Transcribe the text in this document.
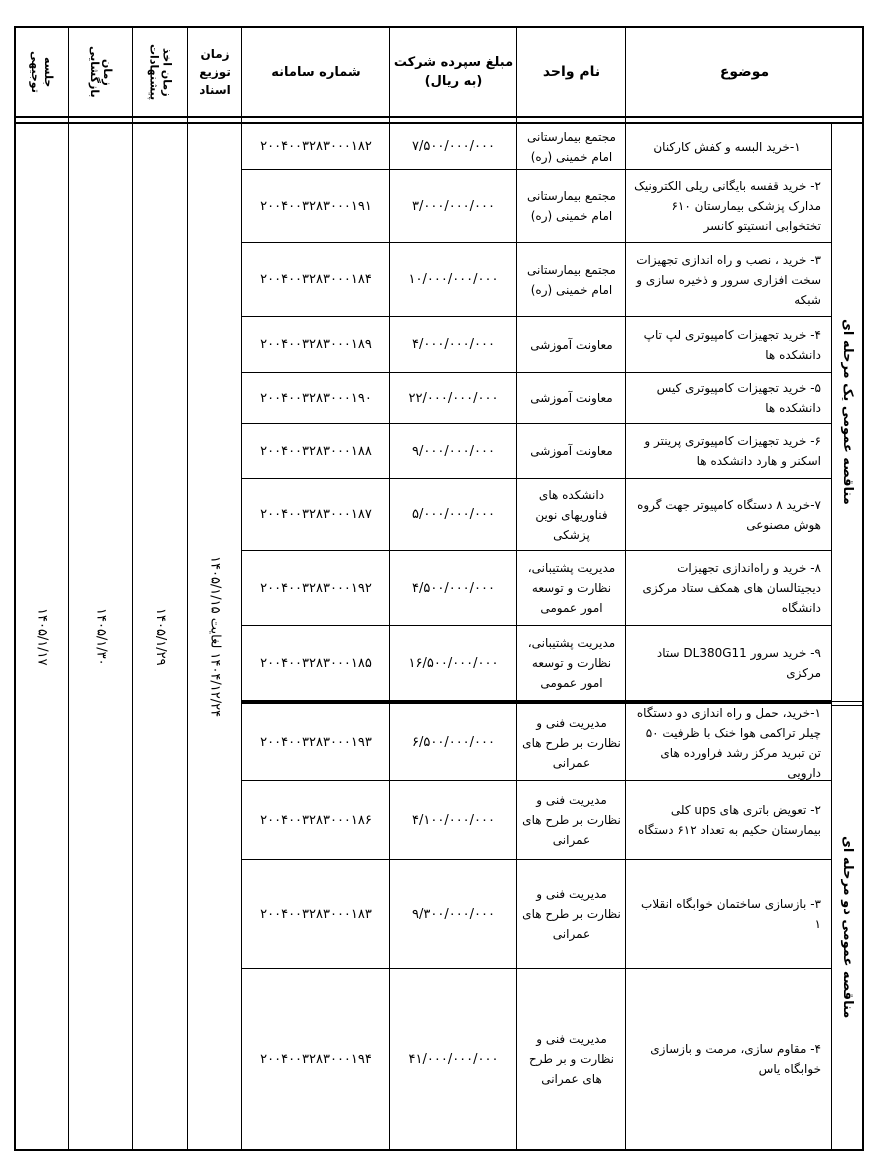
موضوع
نام واحد
مبلغ سپرده شرکت
(به ریال)
شماره سامانه
زمان
توزیع
اسناد
زمان اخذ
پیشنهادات
زمان
بازگشایی
جلسه
توجیهی
مناقصه عمومی یک مرحله ای
مناقصه عمومی دو مرحله ای
۱۴۰۴/۱۲/۲۴ لغایت ۱۴۰۵/۱/۱۵
۱۴۰۵/۱/۲۹
۱۴۰۵/۱/۳۰
۱۴۰۵/۱/۱۷
۱-خرید البسه و کفش کارکنان
مجتمع بیمارستانی امام خمینی (ره)
۷/۵۰۰/۰۰۰/۰۰۰
۲۰۰۴۰۰۳۲۸۳۰۰۰۱۸۲
۲- خرید قفسه بایگانی ریلی الکترونیک مدارک پزشکی بیمارستان ۶۱۰ تختخوابی انستیتو کانسر
مجتمع بیمارستانی امام خمینی (ره)
۳/۰۰۰/۰۰۰/۰۰۰
۲۰۰۴۰۰۳۲۸۳۰۰۰۱۹۱
۳- خرید ، نصب و راه اندازی تجهیزات سخت افزاری سرور و ذخیره سازی و شبکه
مجتمع بیمارستانی امام خمینی (ره)
۱۰/۰۰۰/۰۰۰/۰۰۰
۲۰۰۴۰۰۳۲۸۳۰۰۰۱۸۴
۴- خرید تجهیزات کامپیوتری لپ تاپ دانشکده ها
معاونت آموزشی
۴/۰۰۰/۰۰۰/۰۰۰
۲۰۰۴۰۰۳۲۸۳۰۰۰۱۸۹
۵- خرید تجهیزات کامپیوتری کیس دانشکده ها
معاونت آموزشی
۲۲/۰۰۰/۰۰۰/۰۰۰
۲۰۰۴۰۰۳۲۸۳۰۰۰۱۹۰
۶- خرید تجهیزات کامپیوتری پرینتر و اسکنر و هارد دانشکده ها
معاونت آموزشی
۹/۰۰۰/۰۰۰/۰۰۰
۲۰۰۴۰۰۳۲۸۳۰۰۰۱۸۸
۷-خرید ۸ دستگاه کامپیوتر جهت گروه هوش مصنوعی
دانشکده های فناوریهای نوین پزشکی
۵/۰۰۰/۰۰۰/۰۰۰
۲۰۰۴۰۰۳۲۸۳۰۰۰۱۸۷
۸- خرید و راه‌اندازی تجهیزات دیجیتالسان های همکف ستاد مرکزی دانشگاه
مدیریت پشتیبانی، نظارت و توسعه امور عمومی
۴/۵۰۰/۰۰۰/۰۰۰
۲۰۰۴۰۰۳۲۸۳۰۰۰۱۹۲
۹- خرید سرور DL380G11 ستاد مرکزی
مدیریت پشتیبانی، نظارت و توسعه امور عمومی
۱۶/۵۰۰/۰۰۰/۰۰۰
۲۰۰۴۰۰۳۲۸۳۰۰۰۱۸۵
۱-خرید، حمل و راه اندازی دو دستگاه چیلر تراکمی هوا خنک با ظرفیت ۵۰ تن تبرید مرکز رشد فراورده های دارویی
مدیریت فنی و نظارت بر طرح های عمرانی
۶/۵۰۰/۰۰۰/۰۰۰
۲۰۰۴۰۰۳۲۸۳۰۰۰۱۹۳
۲- تعویض باتری های ups کلی بیمارستان حکیم به تعداد ۶۱۲ دستگاه
مدیریت فنی و نظارت بر طرح های عمرانی
۴/۱۰۰/۰۰۰/۰۰۰
۲۰۰۴۰۰۳۲۸۳۰۰۰۱۸۶
۳- بازسازی ساختمان خوابگاه انقلاب ۱
مدیریت فنی و نظارت بر طرح های عمرانی
۹/۳۰۰/۰۰۰/۰۰۰
۲۰۰۴۰۰۳۲۸۳۰۰۰۱۸۳
۴- مقاوم سازی، مرمت و بازسازی خوابگاه یاس
مدیریت فنی و نظارت و بر طرح های عمرانی
۴۱/۰۰۰/۰۰۰/۰۰۰
۲۰۰۴۰۰۳۲۸۳۰۰۰۱۹۴
